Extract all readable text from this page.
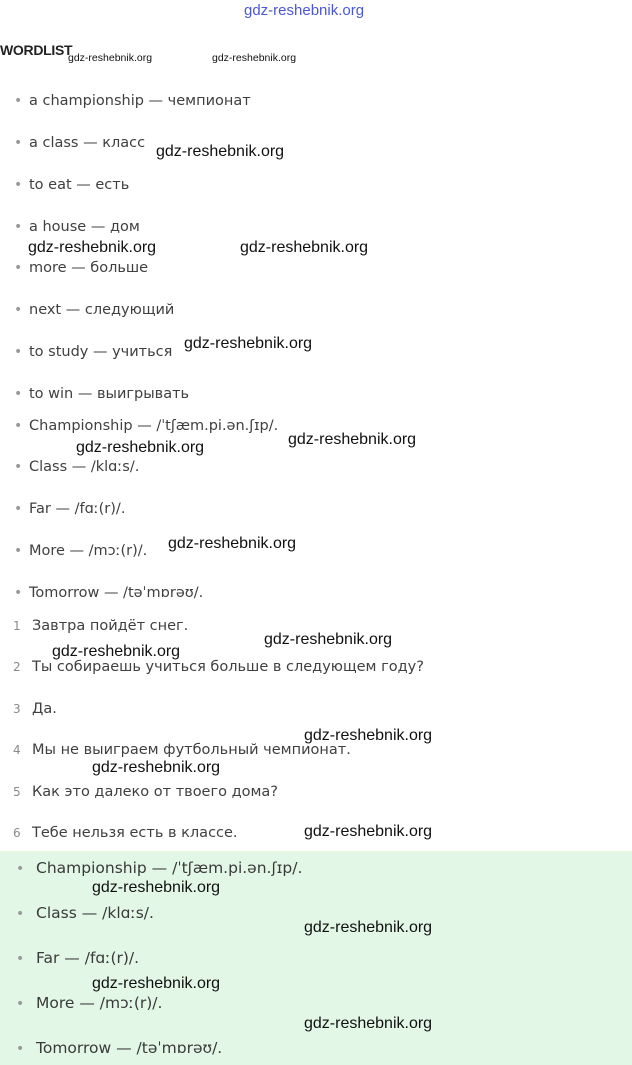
gdz-reshebnik.org
WORDLIST
gdz-reshebnik.org	gdz-reshebnik.org
• a championship — чемпионат
• a class — класс
• to eat — есть
• a house — дом
• more — больше
• next — следующий
• to study — учиться
• to win — выигрывать
• Championship — /ˈtʃæm.pi.ən.ʃɪp/.
• Class — /klɑːs/.
• Far — /fɑː(r)/.
• More — /mɔː(r)/.
• Tomorrow — /təˈmɒrəʊ/.
1 Завтра пойдёт снег.
2 Ты собираешь учиться больше в следующем году?
3 Да.
4 Мы не выиграем футбольный чемпионат.
5 Как это далеко от твоего дома?
6 Тебе нельзя есть в классе.
• Championship — /ˈtʃæm.pi.ən.ʃɪp/.
• Class — /klɑːs/.
• Far — /fɑː(r)/.
• More — /mɔː(r)/.
• Tomorrow — /təˈmɒrəʊ/.
gdz-reshebnik.org
gdz-reshebnik.org	gdz-reshebnik.org
gdz-reshebnik.org
gdz-reshebnik.org
gdz-reshebnik.org
gdz-reshebnik.org
gdz-reshebnik.org
gdz-reshebnik.org
gdz-reshebnik.org
gdz-reshebnik.org
gdz-reshebnik.org
gdz-reshebnik.org
gdz-reshebnik.org
gdz-reshebnik.org
gdz-reshebnik.org
